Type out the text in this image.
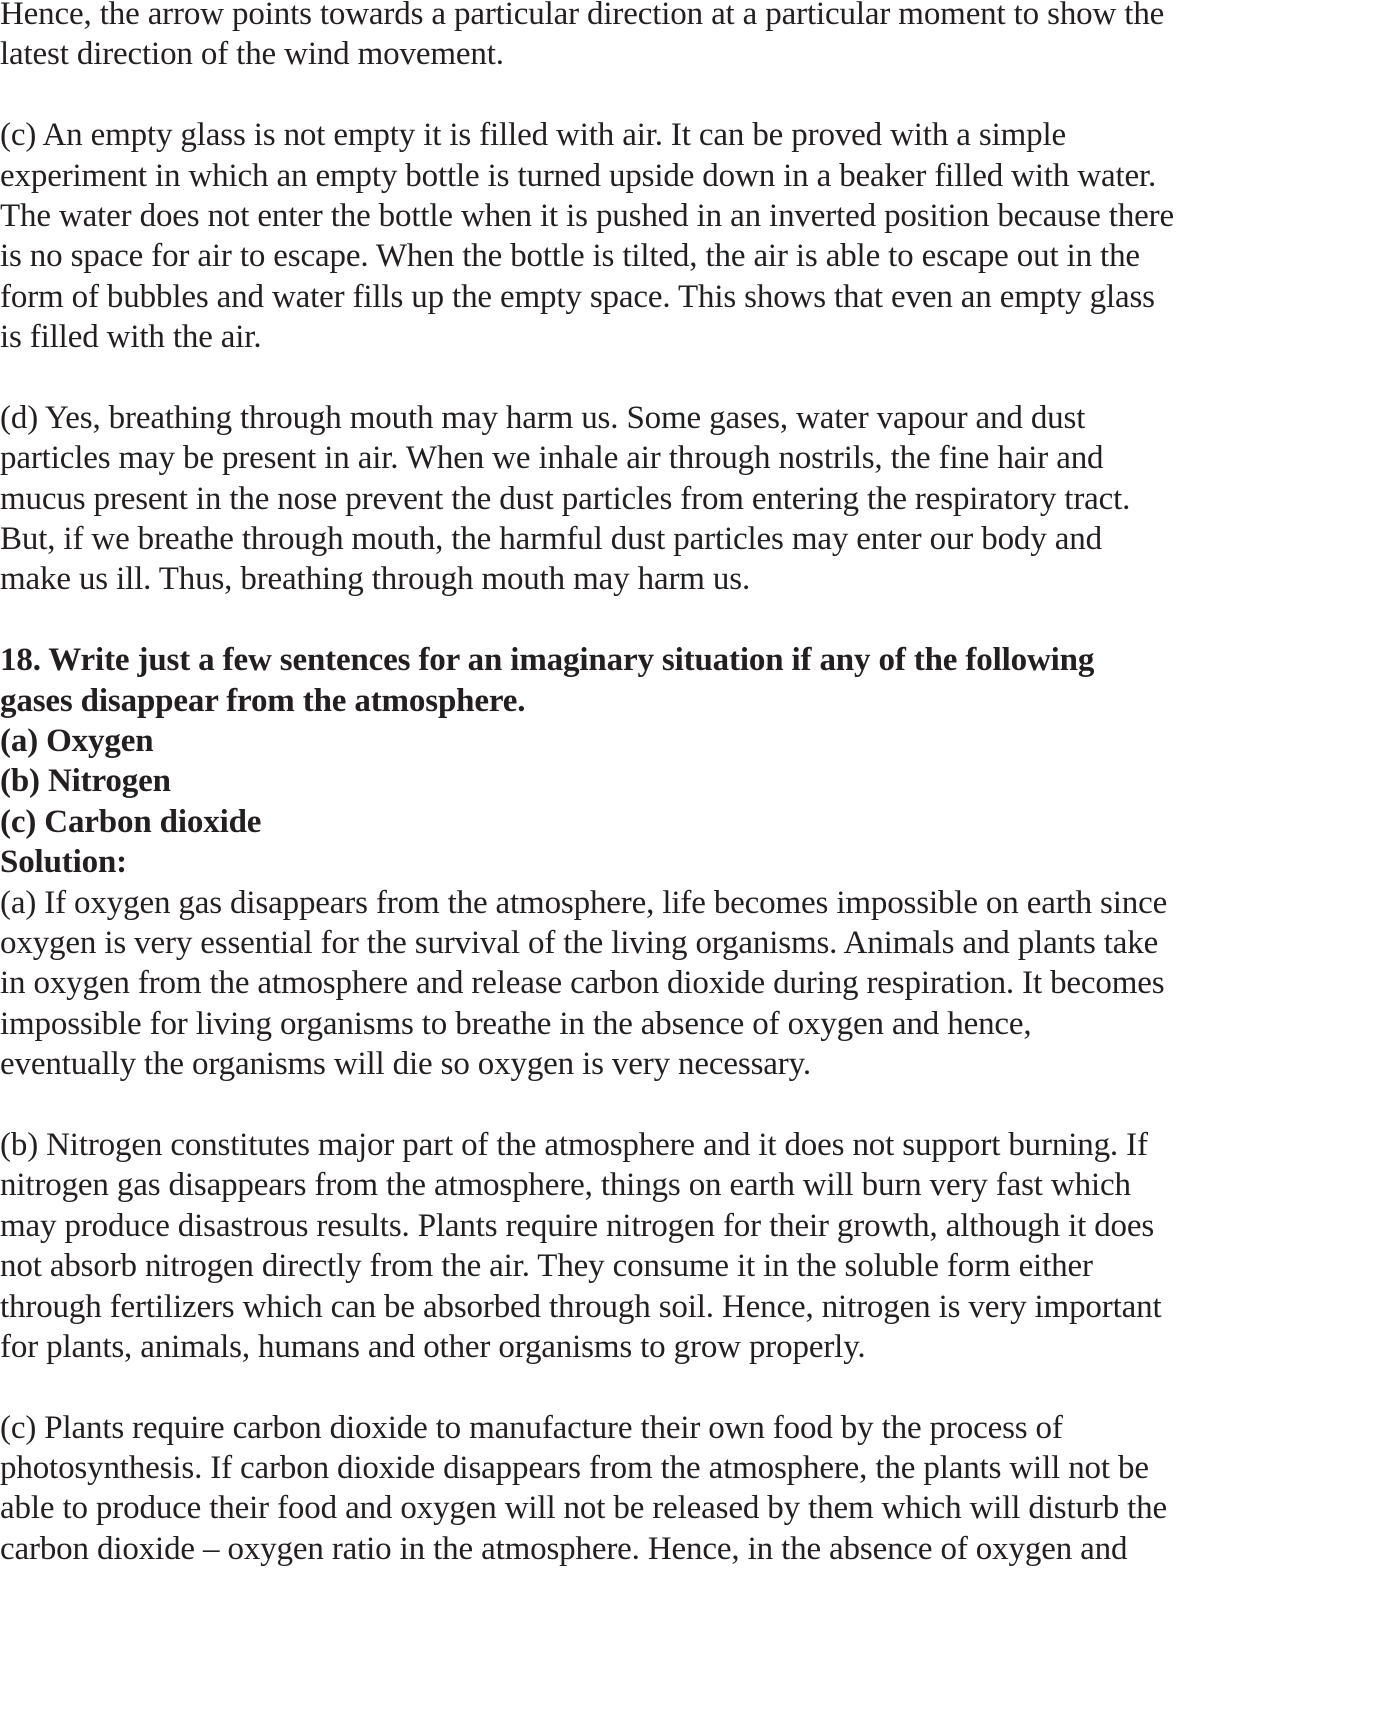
Hence, the arrow points towards a particular direction at a particular moment to show the
latest direction of the wind movement.
(c) An empty glass is not empty it is filled with air. It can be proved with a simple
experiment in which an empty bottle is turned upside down in a beaker filled with water.
The water does not enter the bottle when it is pushed in an inverted position because there
is no space for air to escape. When the bottle is tilted, the air is able to escape out in the
form of bubbles and water fills up the empty space. This shows that even an empty glass
is filled with the air.
(d) Yes, breathing through mouth may harm us. Some gases, water vapour and dust
particles may be present in air. When we inhale air through nostrils, the fine hair and
mucus present in the nose prevent the dust particles from entering the respiratory tract.
But, if we breathe through mouth, the harmful dust particles may enter our body and
make us ill. Thus, breathing through mouth may harm us.
18. Write just a few sentences for an imaginary situation if any of the following
gases disappear from the atmosphere.
(a) Oxygen
(b) Nitrogen
(c) Carbon dioxide
Solution:
(a) If oxygen gas disappears from the atmosphere, life becomes impossible on earth since
oxygen is very essential for the survival of the living organisms. Animals and plants take
in oxygen from the atmosphere and release carbon dioxide during respiration. It becomes
impossible for living organisms to breathe in the absence of oxygen and hence,
eventually the organisms will die so oxygen is very necessary.
(b) Nitrogen constitutes major part of the atmosphere and it does not support burning. If
nitrogen gas disappears from the atmosphere, things on earth will burn very fast which
may produce disastrous results. Plants require nitrogen for their growth, although it does
not absorb nitrogen directly from the air. They consume it in the soluble form either
through fertilizers which can be absorbed through soil. Hence, nitrogen is very important
for plants, animals, humans and other organisms to grow properly.
(c) Plants require carbon dioxide to manufacture their own food by the process of
photosynthesis. If carbon dioxide disappears from the atmosphere, the plants will not be
able to produce their food and oxygen will not be released by them which will disturb the
carbon dioxide – oxygen ratio in the atmosphere. Hence, in the absence of oxygen and
